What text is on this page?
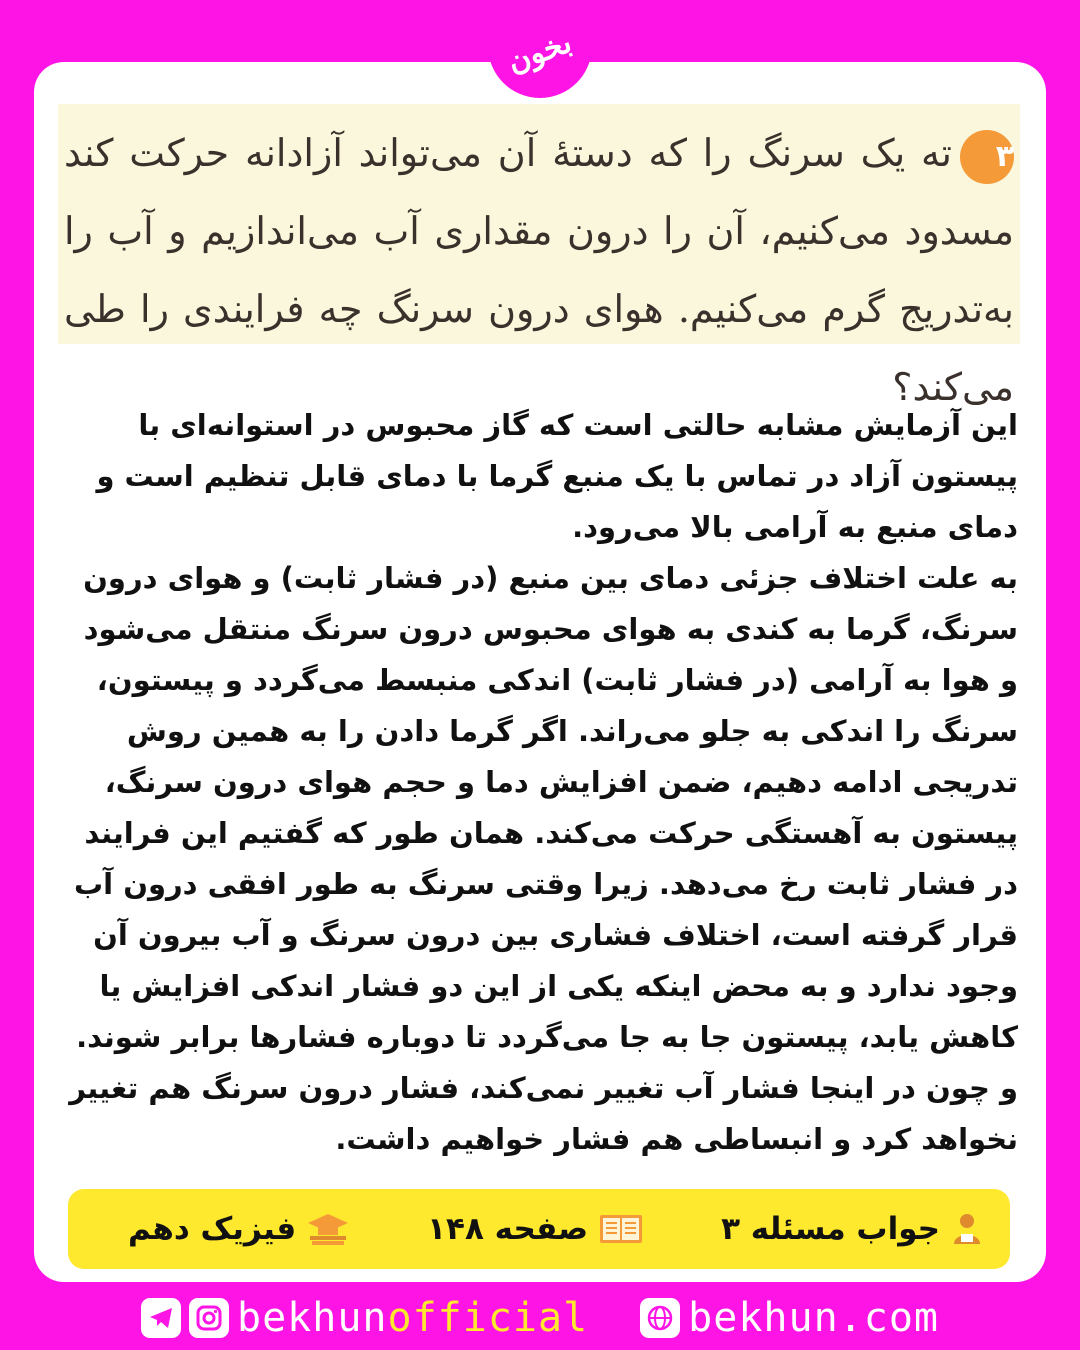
بخون
۳ته یک سرنگ را که دستهٔ آن می‌تواند آزادانه حرکت کند مسدود می‌کنیم، آن را درون مقداری آب می‌اندازیم و آب را به‌تدریج گرم می‌کنیم. هوای درون سرنگ چه فرایندی را طی می‌کند؟

این آزمایش مشابه حالتی است که گاز محبوس در استوانه‌ای با پیستون آزاد در تماس با یک منبع گرما با دمای قابل تنظیم است و دمای منبع به آرامی بالا می‌رود.

به علت اختلاف جزئی دمای بین منبع (در فشار ثابت) و هوای درون سرنگ، گرما به کندی به هوای محبوس درون سرنگ منتقل می‌شود و هوا به آرامی (در فشار ثابت) اندکی منبسط می‌گردد و پیستون، سرنگ را اندکی به جلو می‌راند. اگر گرما دادن را به همین روش تدریجی ادامه دهیم، ضمن افزایش دما و حجم هوای درون سرنگ، پیستون به آهستگی حرکت می‌کند. همان طور که گفتیم این فرایند در فشار ثابت رخ می‌دهد. زیرا وقتی سرنگ به طور افقی درون آب قرار گرفته است، اختلاف فشاری بین درون سرنگ و آب بیرون آن وجود ندارد و به محض اینکه یکی از این دو فشار اندکی افزایش یا کاهش یابد، پیستون جا به جا می‌گردد تا دوباره فشارها برابر شوند. و چون در اینجا فشار آب تغییر نمی‌کند، فشار درون سرنگ هم تغییر نخواهد کرد و انبساطی هم فشار خواهیم داشت.

جواب مسئله ۳
صفحه ۱۴۸
فیزیک دهم
bekhunofficial	bekhun.com
